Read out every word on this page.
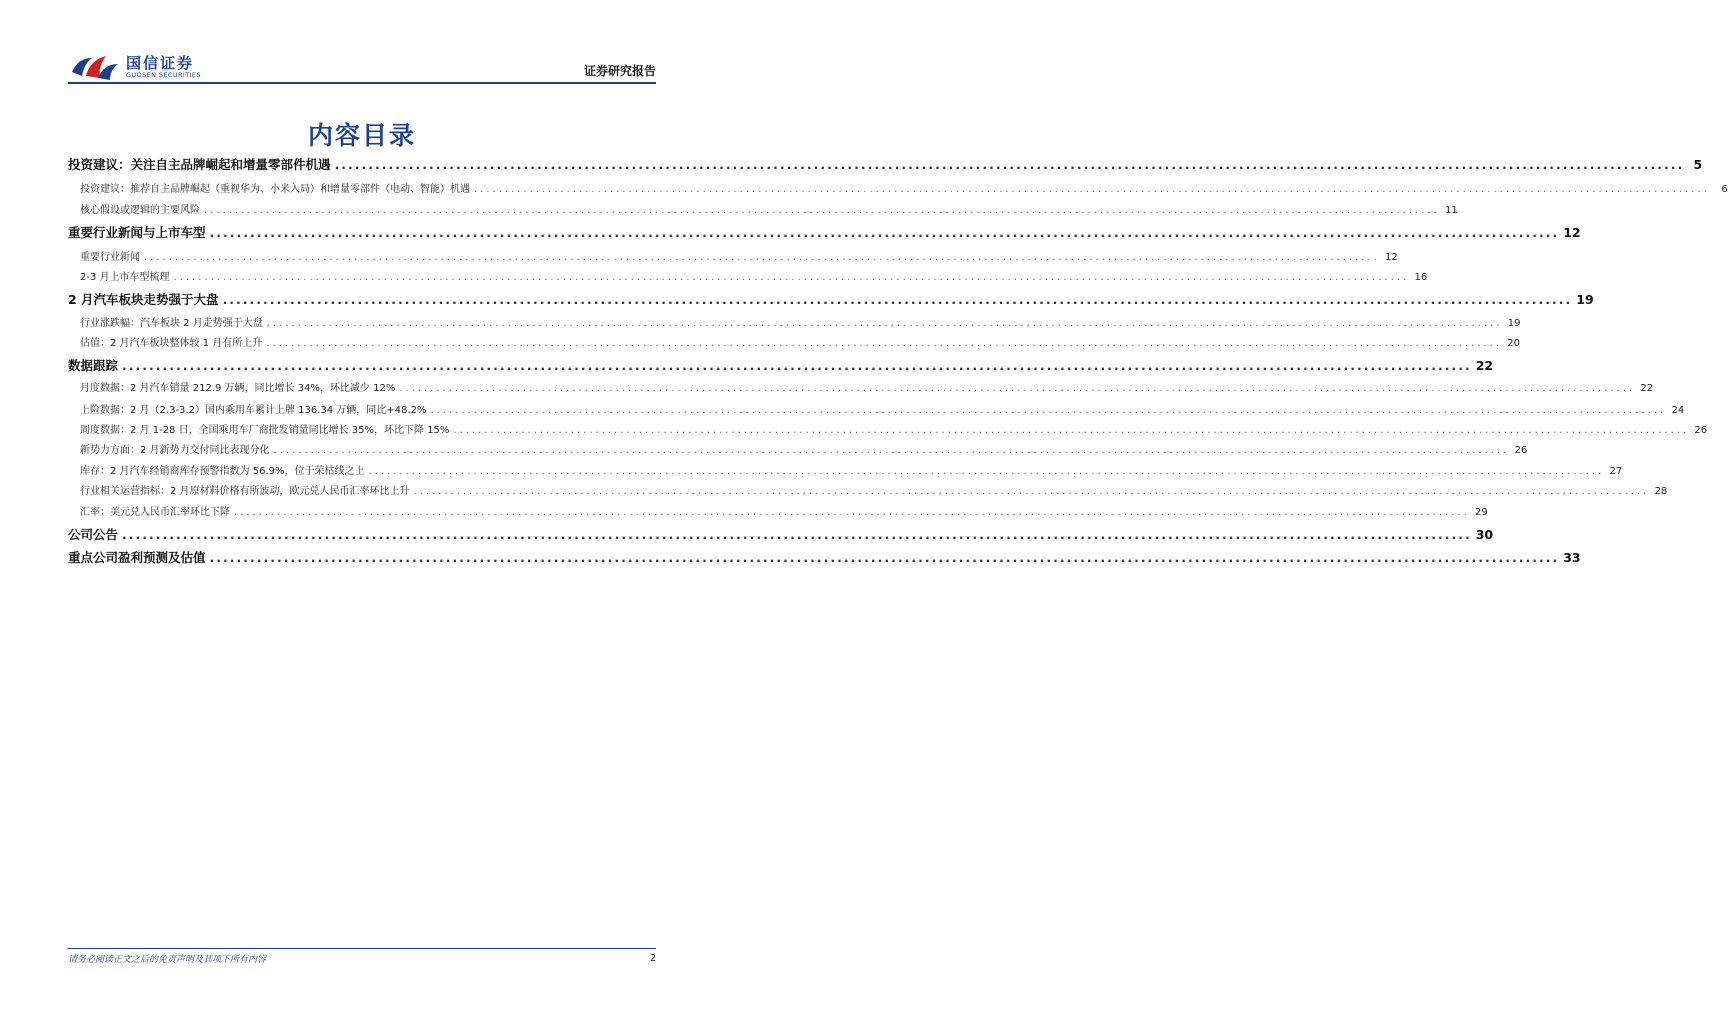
国信证券
GUOSEN SECURITIES	证券研究报告
内容目录
投资建议：关注自主品牌崛起和增量零部件机遇 ........................................................................................................................................................................................................ 5
投资建议：推荐自主品牌崛起（重视华为、小米入局）和增量零部件（电动、智能）机遇 ........................................................................................................................................................................................................	6
核心假设或逻辑的主要风险 ........................................................................................................................................................................................................ 11
重要行业新闻与上市车型 ........................................................................................................................................................................................................ 12
重要行业新闻 ........................................................................................................................................................................................................ 12
2-3 月上市车型梳理 ........................................................................................................................................................................................................ 16
2 月汽车板块走势强于大盘 ........................................................................................................................................................................................................ 19
行业涨跌幅：汽车板块 2 月走势强于大盘 ........................................................................................................................................................................................................ 19
估值：2 月汽车板块整体较 1 月有所上升 ........................................................................................................................................................................................................ 20
数据跟踪 ........................................................................................................................................................................................................ 22
月度数据：2 月汽车销量 212.9 万辆，同比增长 34%，环比减少 12% ........................................................................................................................................................................................................ 22
上险数据：2 月（2.3-3.2）国内乘用车累计上牌 136.34 万辆，同比+48.2% ........................................................................................................................................................................................................ 24
周度数据：2 月 1-28 日，全国乘用车厂商批发销量同比增长 35%，环比下降 15% ........................................................................................................................................................................................................ 26
新势力方面：2 月新势力交付同比表现分化 ........................................................................................................................................................................................................ 26
库存：2 月汽车经销商库存预警指数为 56.9%，位于荣枯线之上 ........................................................................................................................................................................................................ 27
行业相关运营指标：2 月原材料价格有所波动，欧元兑人民币汇率环比上升 ........................................................................................................................................................................................................ 28
汇率：美元兑人民币汇率环比下降 ........................................................................................................................................................................................................ 29
公司公告 ........................................................................................................................................................................................................ 30
重点公司盈利预测及估值 ........................................................................................................................................................................................................ 33
请务必阅读正文之后的免责声明及其项下所有内容	2
